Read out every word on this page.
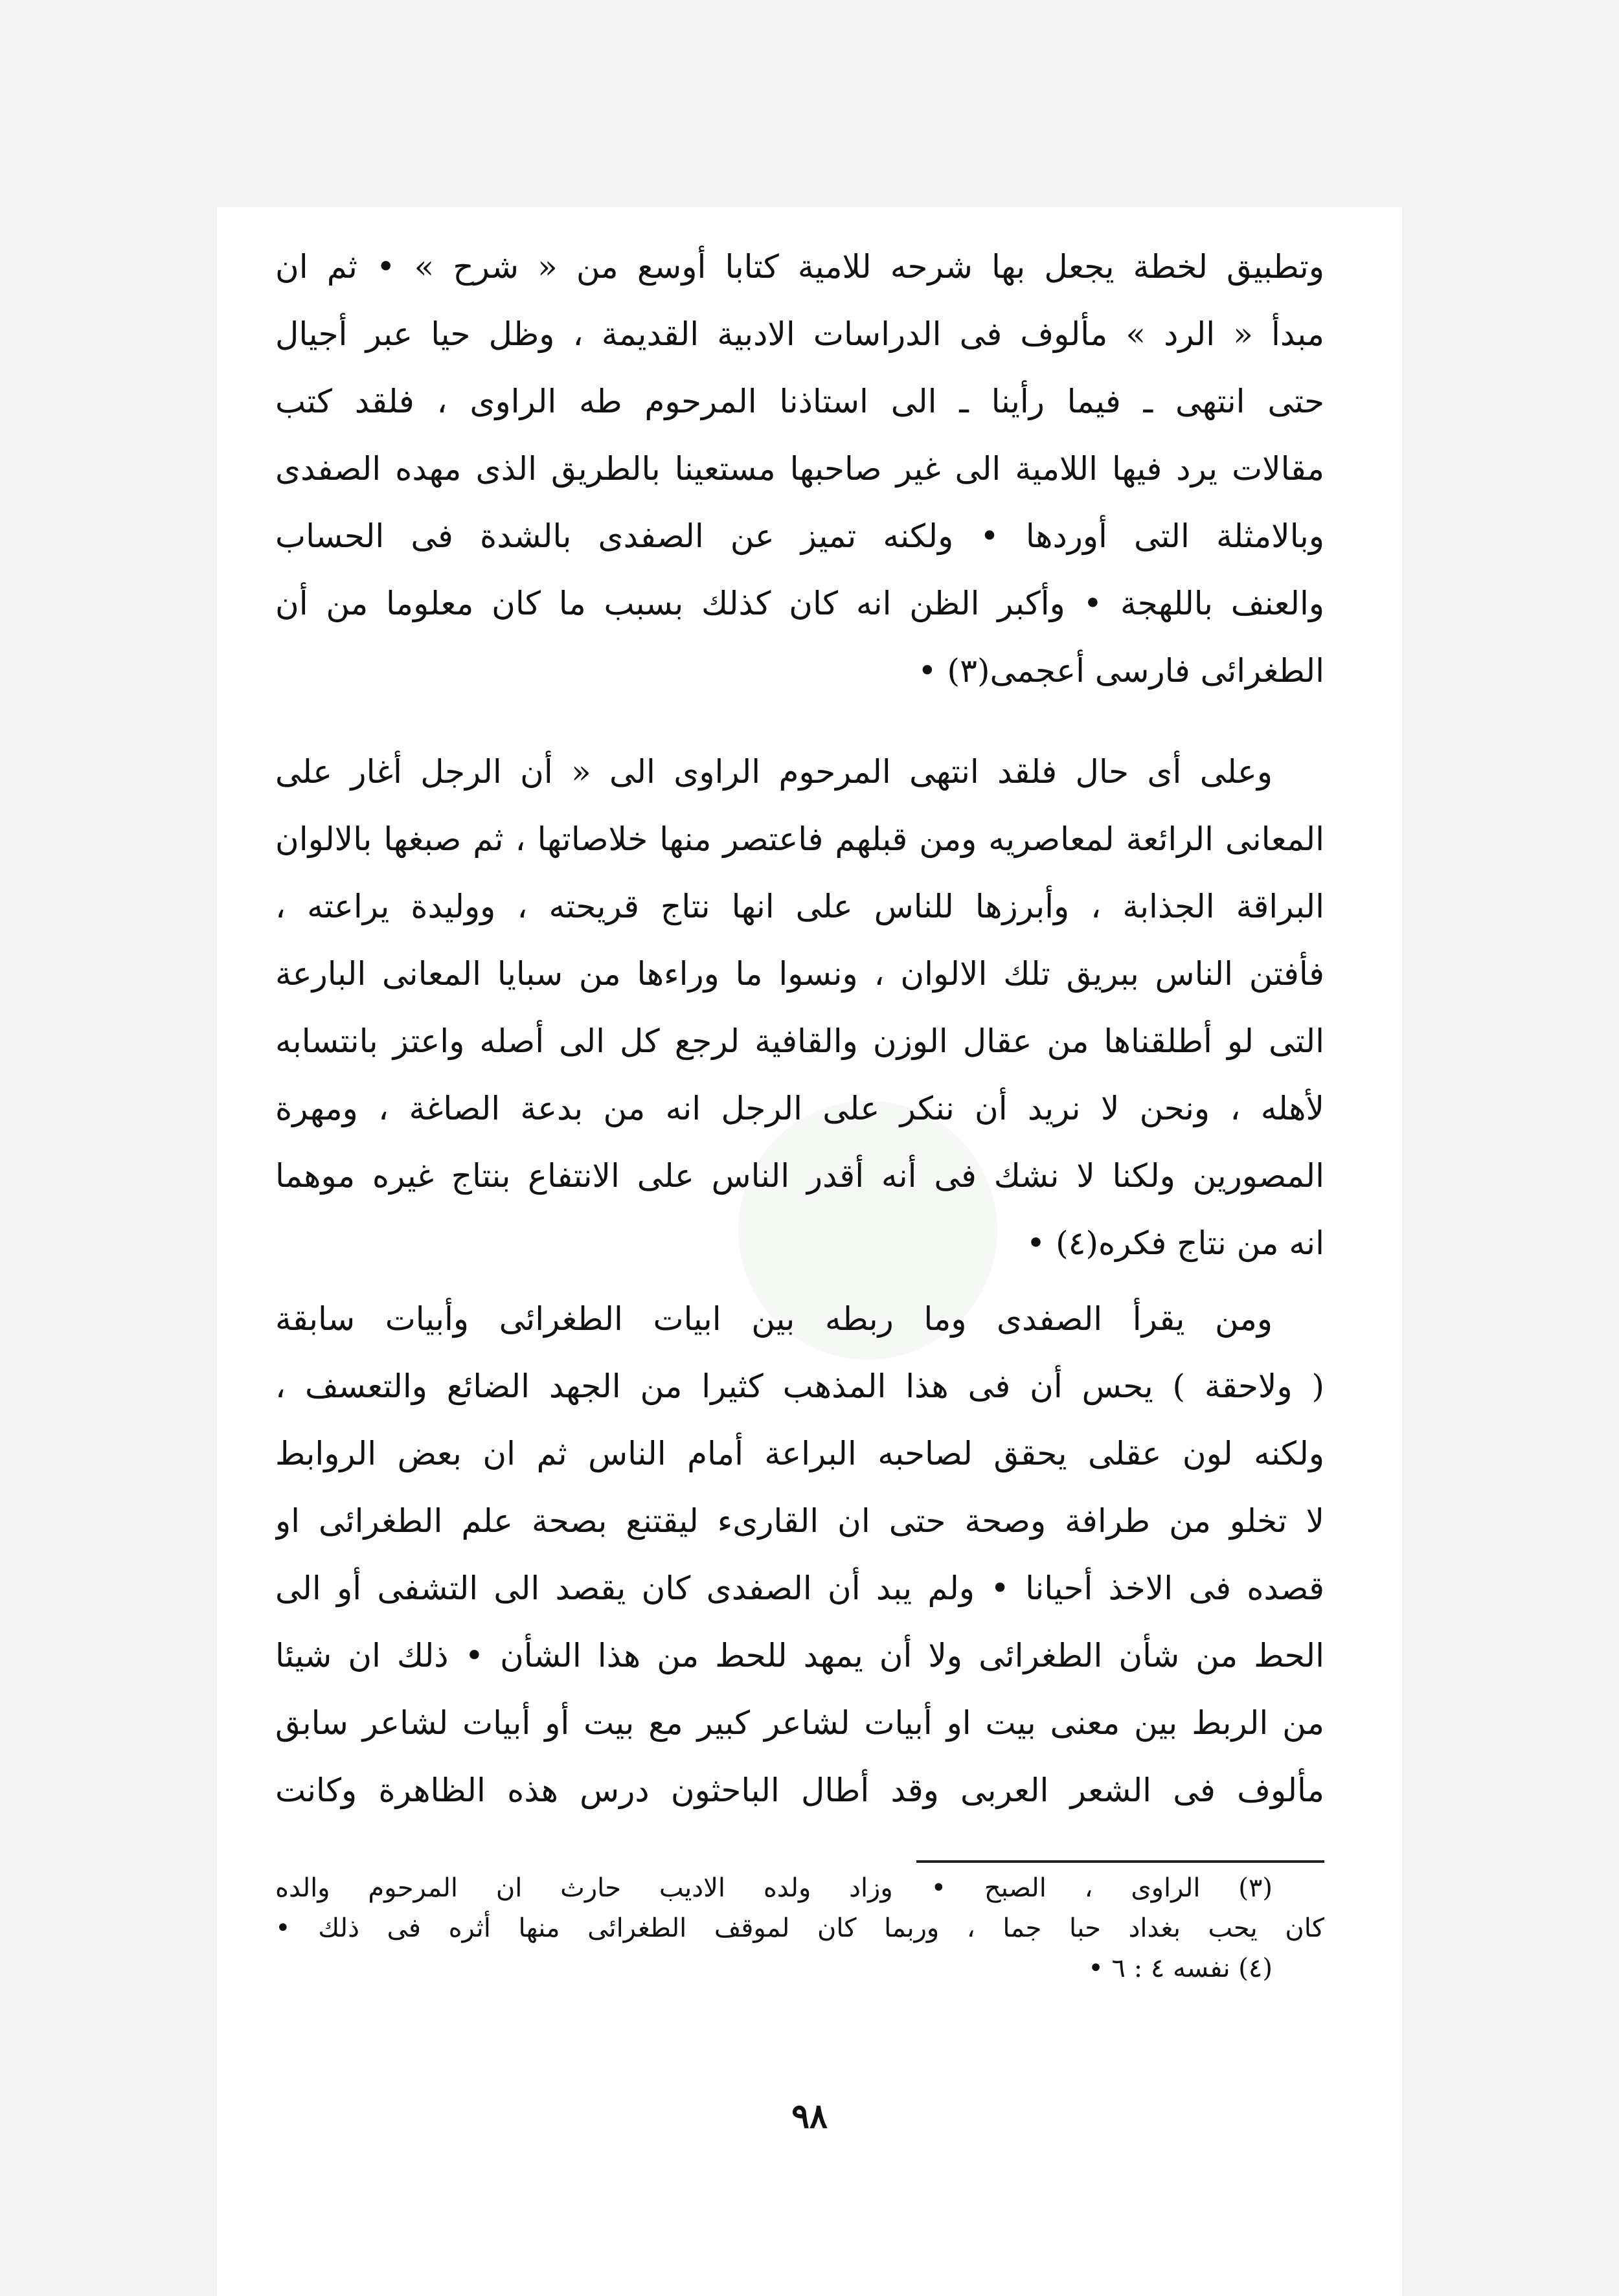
وتطبيق لخطة يجعل بها شرحه للامية كتابا أوسع من « شرح » • ثم ان
مبدأ « الرد » مألوف فى الدراسات الادبية القديمة ، وظل حيا عبر أجيال
حتى انتهى ـ فيما رأينا ـ الى استاذنا المرحوم طه الراوى ، فلقد كتب
مقالات يرد فيها اللامية الى غير صاحبها مستعينا بالطريق الذى مهده الصفدى
وبالامثلة التى أوردها • ولكنه تميز عن الصفدى بالشدة فى الحساب
والعنف باللهجة • وأكبر الظن انه كان كذلك بسبب ما كان معلوما من أن
الطغرائى فارسى أعجمى(٣) •
وعلى أى حال فلقد انتهى المرحوم الراوى الى « أن الرجل أغار على
المعانى الرائعة لمعاصريه ومن قبلهم فاعتصر منها خلاصاتها ، ثم صبغها بالالوان
البراقة الجذابة ، وأبرزها للناس على انها نتاج قريحته ، ووليدة يراعته ،
فأفتن الناس ببريق تلك الالوان ، ونسوا ما وراءها من سبايا المعانى البارعة
التى لو أطلقناها من عقال الوزن والقافية لرجع كل الى أصله واعتز بانتسابه
لأهله ، ونحن لا نريد أن ننكر على الرجل انه من بدعة الصاغة ، ومهرة
المصورين ولكنا لا نشك فى أنه أقدر الناس على الانتفاع بنتاج غيره موهما
انه من نتاج فكره(٤) •
ومن يقرأ الصفدى وما ربطه بين ابيات الطغرائى وأبيات سابقة
( ولاحقة ) يحس أن فى هذا المذهب كثيرا من الجهد الضائع والتعسف ،
ولكنه لون عقلى يحقق لصاحبه البراعة أمام الناس ثم ان بعض الروابط
لا تخلو من طرافة وصحة حتى ان القارىء ليقتنع بصحة علم الطغرائى او
قصده فى الاخذ أحيانا • ولم يبد أن الصفدى كان يقصد الى التشفى أو الى
الحط من شأن الطغرائى ولا أن يمهد للحط من هذا الشأن • ذلك ان شيئا
من الربط بين معنى بيت او أبيات لشاعر كبير مع بيت أو أبيات لشاعر سابق
مألوف فى الشعر العربى وقد أطال الباحثون درس هذه الظاهرة وكانت
(٣) الراوى ، الصبح • وزاد ولده الاديب حارث ان المرحوم والده
كان يحب بغداد حبا جما ، وربما كان لموقف الطغرائى منها أثره فى ذلك •
(٤) نفسه ٤ : ٦ •
٩٨
